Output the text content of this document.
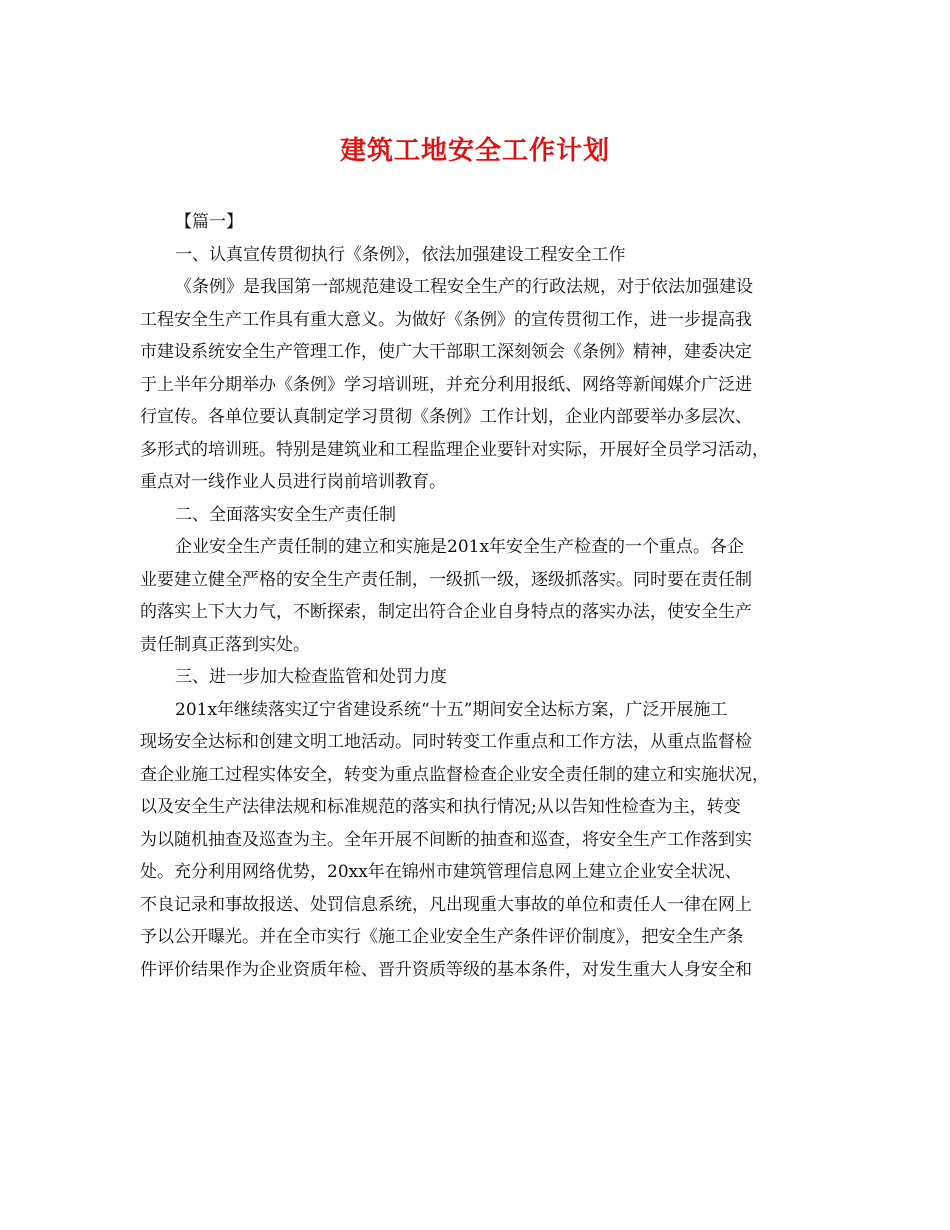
建筑工地安全工作计划
【篇一】
一、认真宣传贯彻执行《条例》，依法加强建设工程安全工作
《条例》是我国第一部规范建设工程安全生产的行政法规，对于依法加强建设
工程安全生产工作具有重大意义。为做好《条例》的宣传贯彻工作，进一步提高我
市建设系统安全生产管理工作，使广大干部职工深刻领会《条例》精神，建委决定
于上半年分期举办《条例》学习培训班，并充分利用报纸、网络等新闻媒介广泛进
行宣传。各单位要认真制定学习贯彻《条例》工作计划，企业内部要举办多层次、
多形式的培训班。特别是建筑业和工程监理企业要针对实际，开展好全员学习活动，
重点对一线作业人员进行岗前培训教育。
二、全面落实安全生产责任制
企业安全生产责任制的建立和实施是201x年安全生产检查的一个重点。各企
业要建立健全严格的安全生产责任制，一级抓一级，逐级抓落实。同时要在责任制
的落实上下大力气，不断探索，制定出符合企业自身特点的落实办法，使安全生产
责任制真正落到实处。
三、进一步加大检查监管和处罚力度
201x年继续落实辽宁省建设系统“十五”期间安全达标方案，广泛开展施工
现场安全达标和创建文明工地活动。同时转变工作重点和工作方法，从重点监督检
查企业施工过程实体安全，转变为重点监督检查企业安全责任制的建立和实施状况，
以及安全生产法律法规和标准规范的落实和执行情况;从以告知性检查为主，转变
为以随机抽查及巡查为主。全年开展不间断的抽查和巡查，将安全生产工作落到实
处。充分利用网络优势，20xx年在锦州市建筑管理信息网上建立企业安全状况、
不良记录和事故报送、处罚信息系统，凡出现重大事故的单位和责任人一律在网上
予以公开曝光。并在全市实行《施工企业安全生产条件评价制度》，把安全生产条
件评价结果作为企业资质年检、晋升资质等级的基本条件，对发生重大人身安全和
